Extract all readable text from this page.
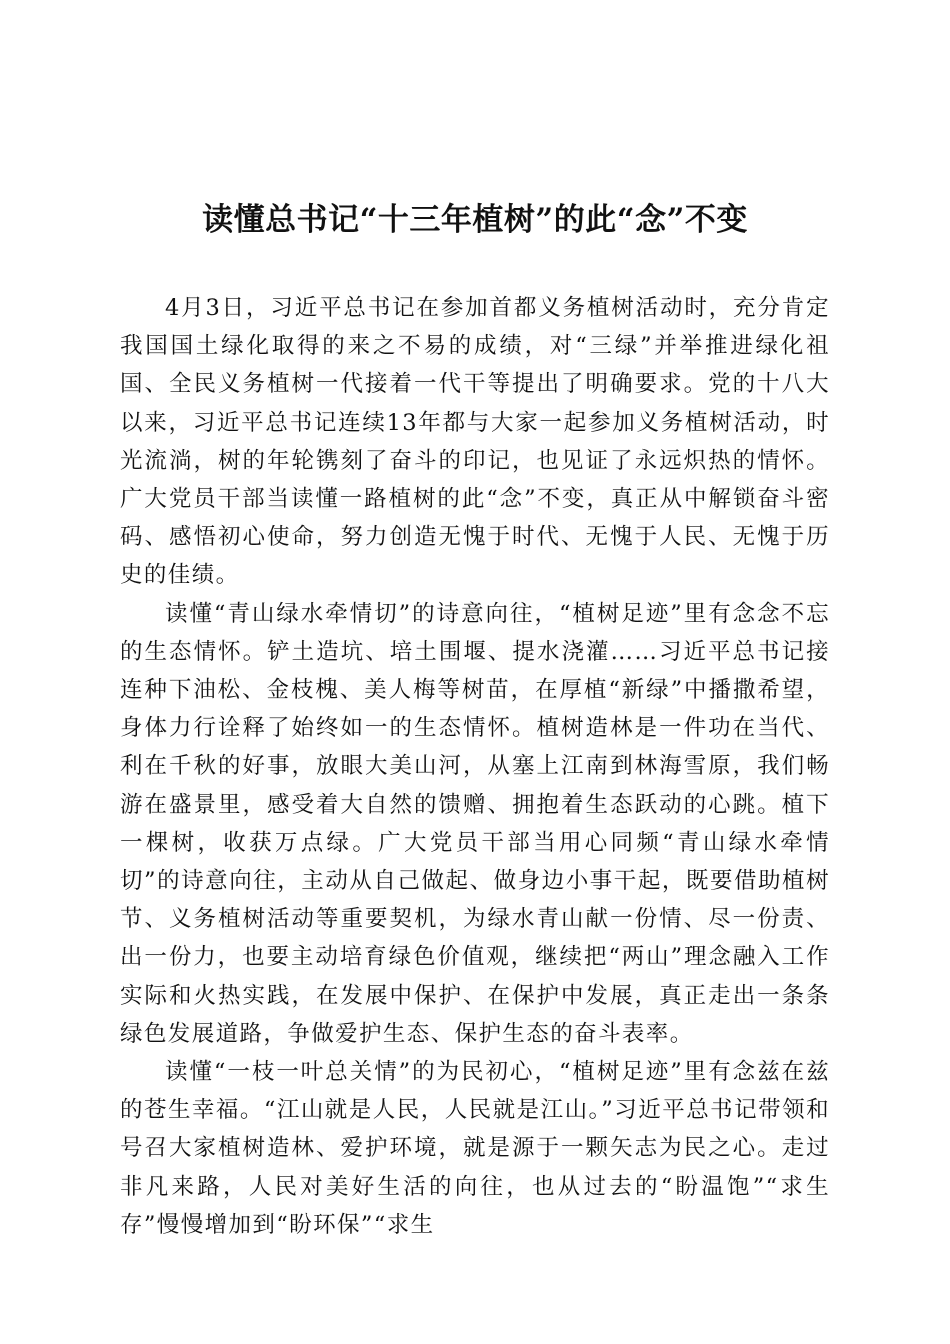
读懂总书记“十三年植树”的此“念”不变

4月3日，习近平总书记在参加首都义务植树活动时，充分肯定我国国土绿化取得的来之不易的成绩，对“三绿”并举推进绿化祖国、全民义务植树一代接着一代干等提出了明确要求。党的十八大以来，习近平总书记连续13年都与大家一起参加义务植树活动，时光流淌，树的年轮镌刻了奋斗的印记，也见证了永远炽热的情怀。广大党员干部当读懂一路植树的此“念”不变，真正从中解锁奋斗密码、感悟初心使命，努力创造无愧于时代、无愧于人民、无愧于历史的佳绩。

读懂“青山绿水牵情切”的诗意向往，“植树足迹”里有念念不忘的生态情怀。铲土造坑、培土围堰、提水浇灌……习近平总书记接连种下油松、金枝槐、美人梅等树苗，在厚植“新绿”中播撒希望，身体力行诠释了始终如一的生态情怀。植树造林是一件功在当代、利在千秋的好事，放眼大美山河，从塞上江南到林海雪原，我们畅游在盛景里，感受着大自然的馈赠、拥抱着生态跃动的心跳。植下一棵树，收获万点绿。广大党员干部当用心同频“青山绿水牵情切”的诗意向往，主动从自己做起、做身边小事干起，既要借助植树节、义务植树活动等重要契机，为绿水青山献一份情、尽一份责、出一份力，也要主动培育绿色价值观，继续把“两山”理念融入工作实际和火热实践，在发展中保护、在保护中发展，真正走出一条条绿色发展道路，争做爱护生态、保护生态的奋斗表率。

读懂“一枝一叶总关情”的为民初心，“植树足迹”里有念兹在兹的苍生幸福。“江山就是人民，人民就是江山。”习近平总书记带领和号召大家植树造林、爱护环境，就是源于一颗矢志为民之心。走过非凡来路，人民对美好生活的向往，也从过去的“盼温饱”“求生存”慢慢增加到“盼环保”“求生
